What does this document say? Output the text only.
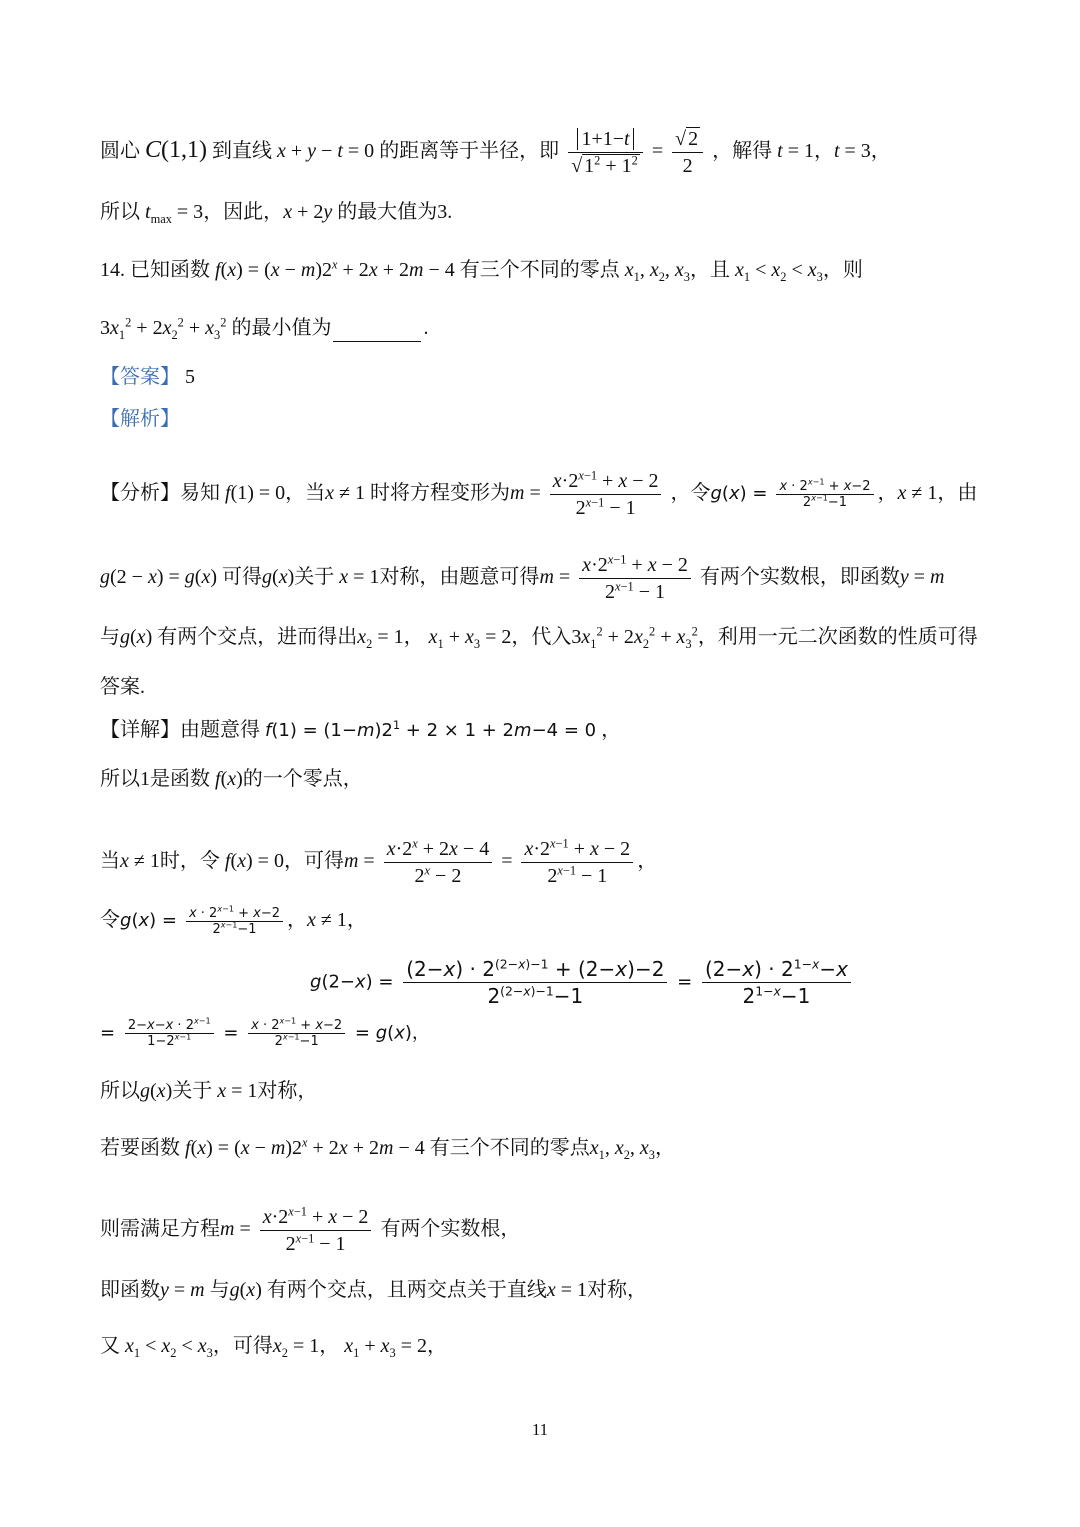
圆心 C(1,1) 到直线 x + y − t = 0 的距离等于半径，即 $\frac{1+1-t}{√ 1^2 + 1^2} = \frac{√ 2}{2}$ ，解得 t = 1，t = 3，
所以 $t_{max} = 3$，因此，x + 2y 的最大值为3.
14. 已知函数 $f(x) = (x - m)2^x + 2x + 2m - 4$ 有三个不同的零点 $x_1$, $x_2$, $x_3$，且 $x_1 < x_2 < x_3$，则
$3x_1^2 + 2x_2^2 + x_3^2$ 的最小值为	.
【答案】 5
【解析】
【分析】易知 f(1) = 0，当x ≠ 1 时将方程变形为$m = \frac{x\cdot 2^{x-1} + x - 2}{2^{x-1} - 1}$ ，令$g(x) = \frac{x \cdot 2^{x-1} + x-2}{2^{x-1}-1}$ ，x ≠ 1，由
g(2 − x) = g(x) 可得g(x)关于 x = 1对称，由题意可得$m = \frac{x\cdot 2^{x-1} + x - 2}{2^{x-1} - 1}$ 有两个实数根，即函数y = m
与g(x) 有两个交点，进而得出$x_2 = 1$， $x_1 + x_3 = 2$，代入$3x_1^2 + 2x_2^2 + x_3^2$，利用一元二次函数的性质可得
答案.
【详解】由题意得 $f(1) = (1-m)2^1 + 2 \times 1 + 2m-4 = 0$ ，
所以1是函数 f(x)的一个零点，
当x ≠ 1时，令 f(x) = 0，可得$m = \frac{x\cdot 2^x + 2x - 4}{2^x - 2} = \frac{x\cdot 2^{x-1} + x - 2}{2^{x-1} - 1}$ ，
令$g(x) = \frac{x \cdot 2^{x-1} + x-2}{2^{x-1}-1}$ ，x ≠ 1，
$g(2-x) = \frac{(2-x) \cdot 2^{(2-x)-1} + (2-x)-2}{2^{(2-x)-1}-1} = \frac{(2-x) \cdot 2^{1-x}-x}{2^{1-x}-1}$
= $\frac{2-x-x \cdot 2^{x-1}}{1-2^{x-1}} = \frac{x \cdot 2^{x-1} + x-2}{2^{x-1}-1} = g(x)$，
所以g(x)关于 x = 1对称，
若要函数 $f(x) = (x - m)2^x + 2x + 2m - 4$ 有三个不同的零点$x_1$, $x_2$, $x_3$，
则需满足方程$m = \frac{x\cdot 2^{x-1} + x - 2}{2^{x-1} - 1}$ 有两个实数根，
即函数y = m 与g(x) 有两个交点，且两交点关于直线x = 1对称，
又 $x_1 < x_2 < x_3$，可得$x_2 = 1$， $x_1 + x_3 = 2$，
11
